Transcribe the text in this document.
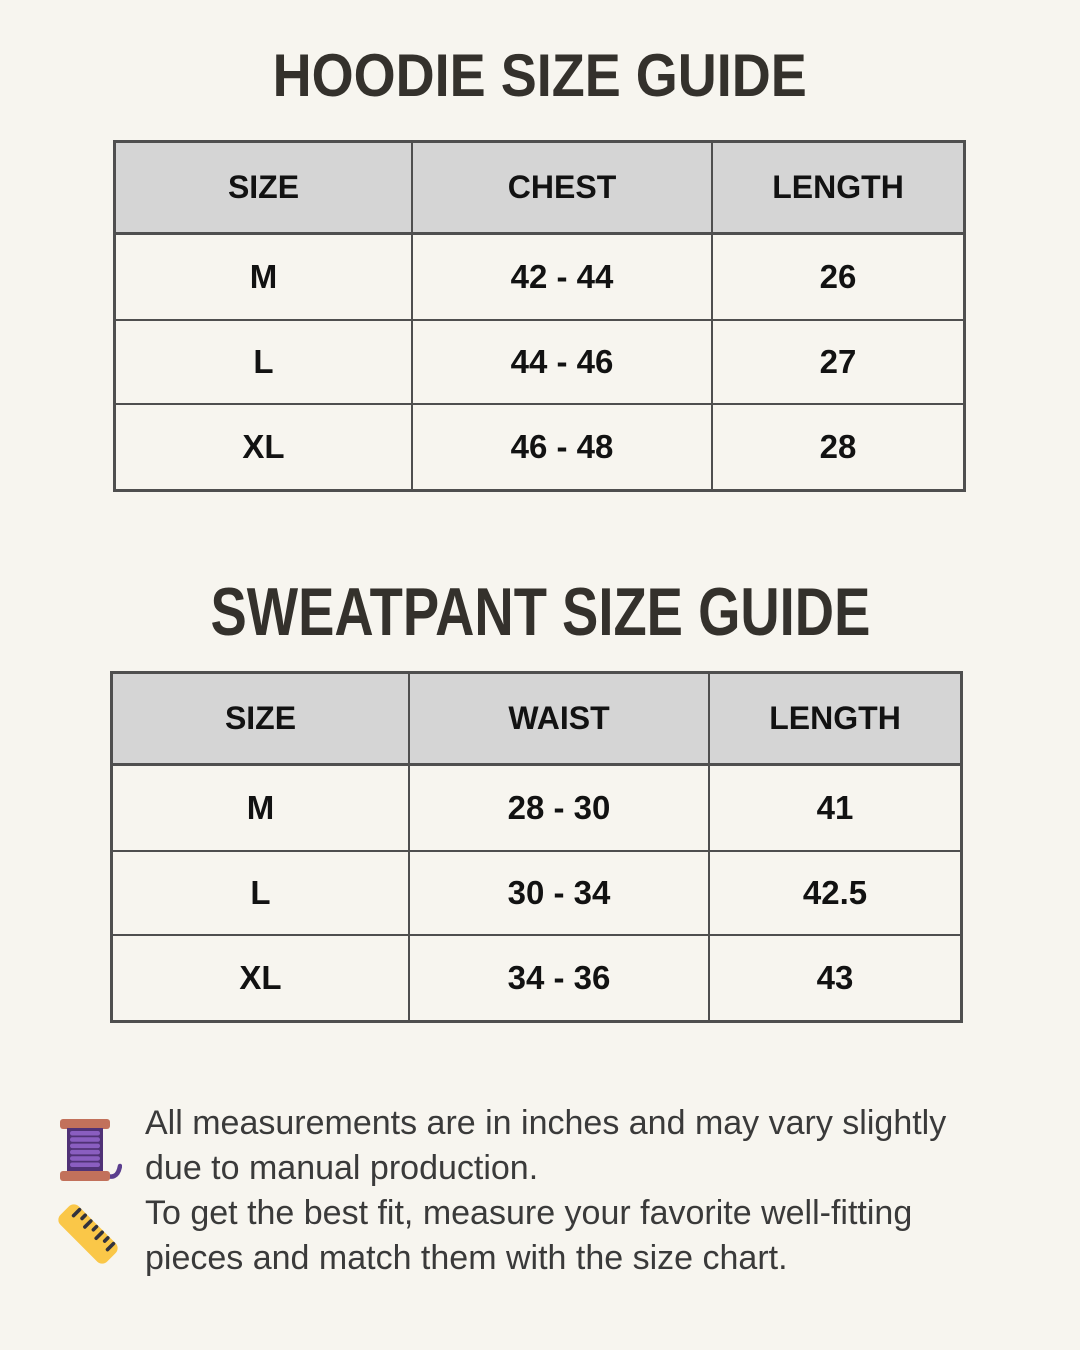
HOODIE SIZE GUIDE
SIZE	CHEST	LENGTH
M	42 - 44	26
L	44 - 46	27
XL	46 - 48	28
SWEATPANT SIZE GUIDE
SIZE	WAIST	LENGTH
M	28 - 30	41
L	30 - 34	42.5
XL	34 - 36	43
All measurements are in inches and may vary slightly
due to manual production.
To get the best fit, measure your favorite well-fitting
pieces and match them with the size chart.
